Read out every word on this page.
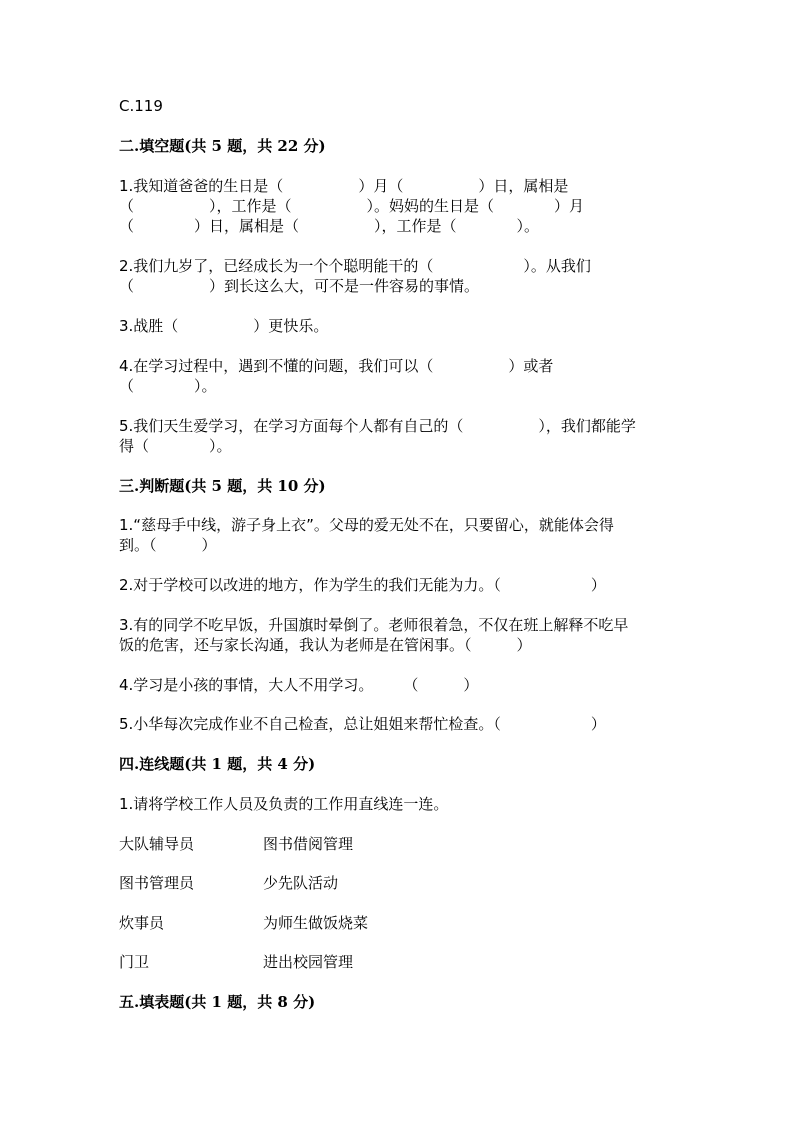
C.119
二.填空题(共 5 题，共 22 分)
1.我知道爸爸的生日是（　　　　　）月（　　　　　）日，属相是
（　　　　　），工作是（　　　　　）。妈妈的生日是（　　　　）月
（　　　　）日，属相是（　　　　　），工作是（　　　　）。
2.我们九岁了，已经成长为一个个聪明能干的（　　　　　　）。从我们
（　　　　　）到长这么大，可不是一件容易的事情。
3.战胜（　　　　　）更快乐。
4.在学习过程中，遇到不懂的问题，我们可以（　　　　　）或者
（　　　　）。
5.我们天生爱学习，在学习方面每个人都有自己的（　　　　　），我们都能学
得（　　　　）。
三.判断题(共 5 题，共 10 分)
1.“慈母手中线，游子身上衣”。父母的爱无处不在，只要留心，就能体会得
到。（　　　）
2.对于学校可以改进的地方，作为学生的我们无能为力。（　　　　　　）
3.有的同学不吃早饭，升国旗时晕倒了。老师很着急，不仅在班上解释不吃早
饭的危害，还与家长沟通，我认为老师是在管闲事。（　　　）
4.学习是小孩的事情，大人不用学习。　　　（　　　）
5.小华每次完成作业不自己检查，总让姐姐来帮忙检查。（　　　　　　）
四.连线题(共 1 题，共 4 分)
1.请将学校工作人员及负责的工作用直线连一连。
大队辅导员	图书借阅管理
图书管理员	少先队活动
炊事员	为师生做饭烧菜
门卫	进出校园管理
五.填表题(共 1 题，共 8 分)
